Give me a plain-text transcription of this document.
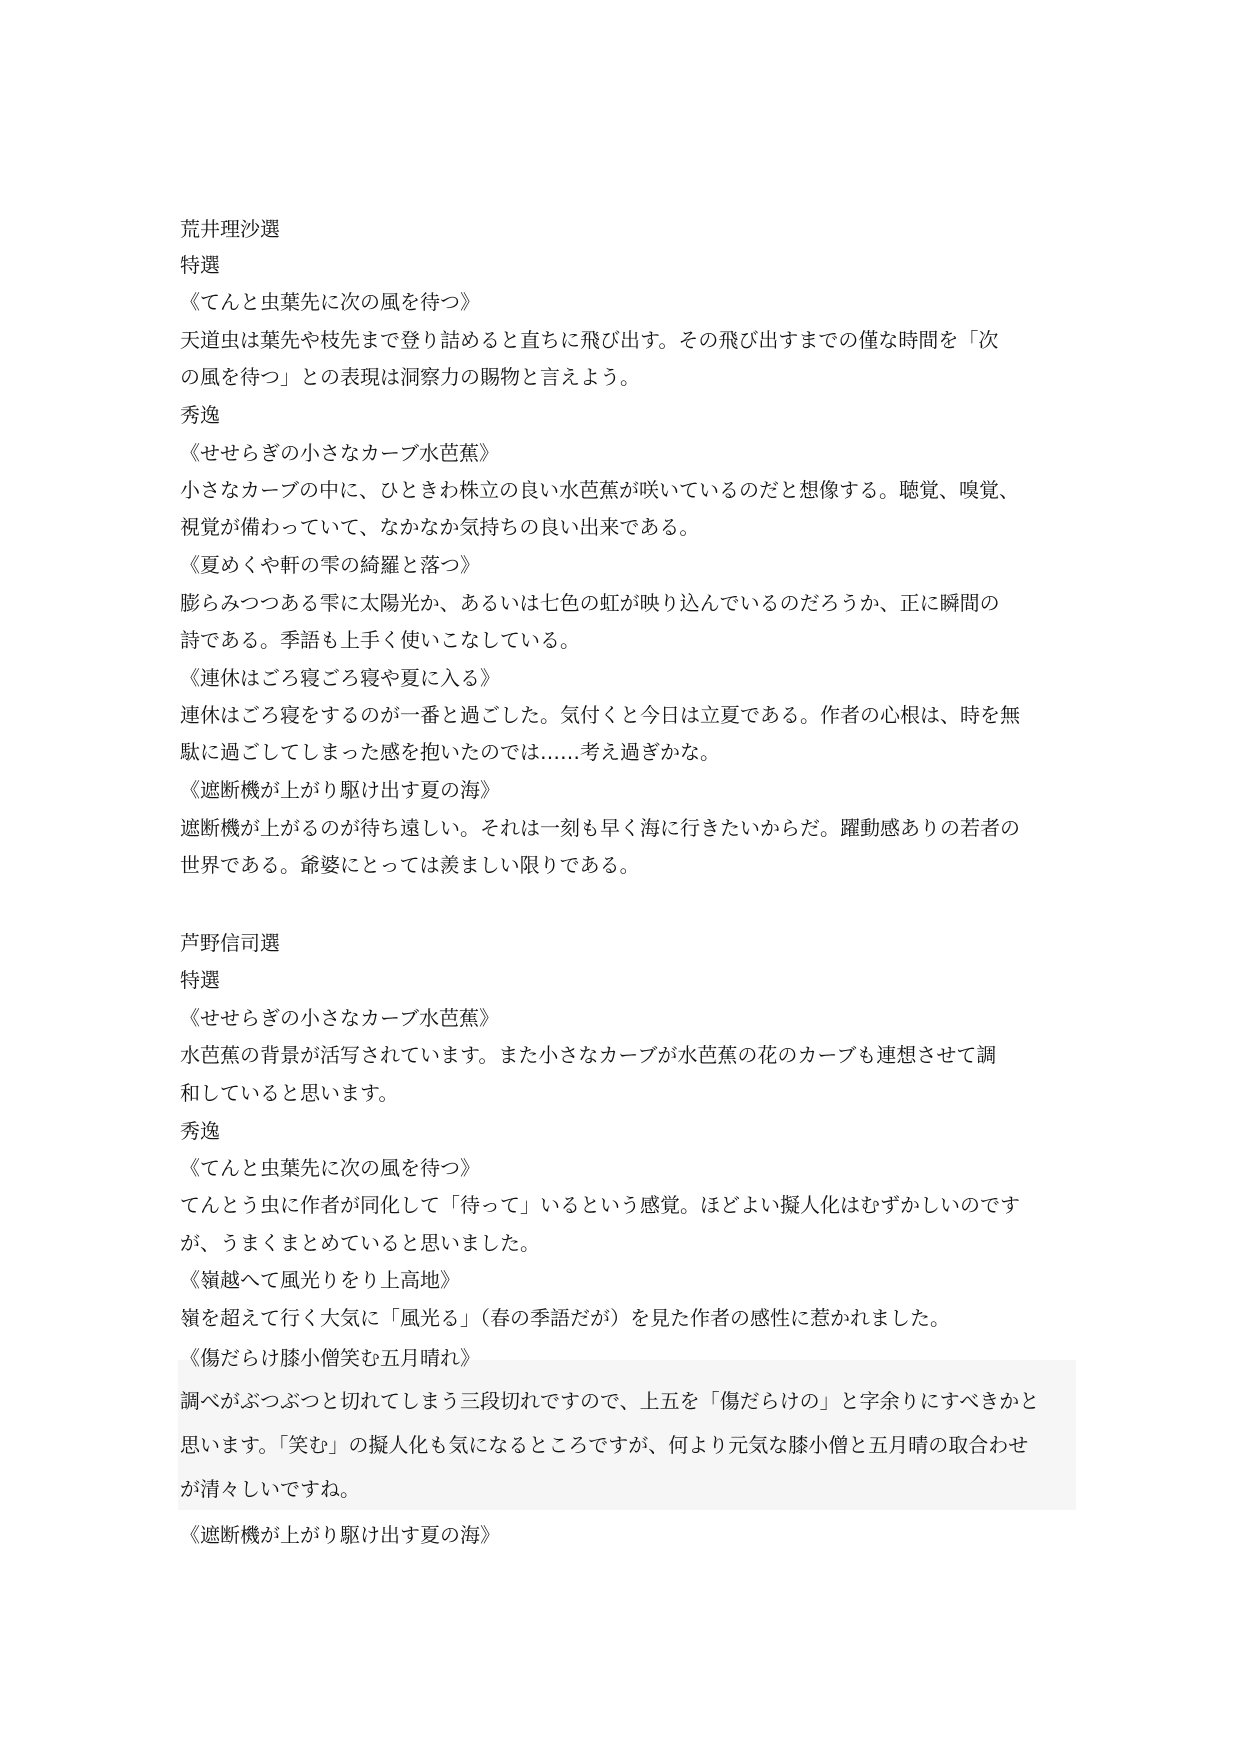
荒井理沙選
特選
《てんと虫葉先に次の風を待つ》
天道虫は葉先や枝先まで登り詰めると直ちに飛び出す。その飛び出すまでの僅な時間を「次
の風を待つ」との表現は洞察力の賜物と言えよう。
秀逸
《せせらぎの小さなカーブ水芭蕉》
小さなカーブの中に、ひときわ株立の良い水芭蕉が咲いているのだと想像する。聴覚、嗅覚、
視覚が備わっていて、なかなか気持ちの良い出来である。
《夏めくや軒の雫の綺羅と落つ》
膨らみつつある雫に太陽光か、あるいは七色の虹が映り込んでいるのだろうか、正に瞬間の
詩である。季語も上手く使いこなしている。
《連休はごろ寝ごろ寝や夏に入る》
連休はごろ寝をするのが一番と過ごした。気付くと今日は立夏である。作者の心根は、時を無
駄に過ごしてしまった感を抱いたのでは……考え過ぎかな。
《遮断機が上がり駆け出す夏の海》
遮断機が上がるのが待ち遠しい。それは一刻も早く海に行きたいからだ。躍動感ありの若者の
世界である。爺婆にとっては羨ましい限りである。
芦野信司選
特選
《せせらぎの小さなカーブ水芭蕉》
水芭蕉の背景が活写されています。また小さなカーブが水芭蕉の花のカーブも連想させて調
和していると思います。
秀逸
《てんと虫葉先に次の風を待つ》
てんとう虫に作者が同化して「待って」いるという感覚。ほどよい擬人化はむずかしいのです
が、うまくまとめていると思いました。
《嶺越へて風光りをり上高地》
嶺を超えて行く大気に「風光る」（春の季語だが）を見た作者の感性に惹かれました。
《傷だらけ膝小僧笑む五月晴れ》
調べがぶつぶつと切れてしまう三段切れですので、上五を「傷だらけの」と字余りにすべきかと
思います。「笑む」の擬人化も気になるところですが、何より元気な膝小僧と五月晴の取合わせ
が清々しいですね。
《遮断機が上がり駆け出す夏の海》
